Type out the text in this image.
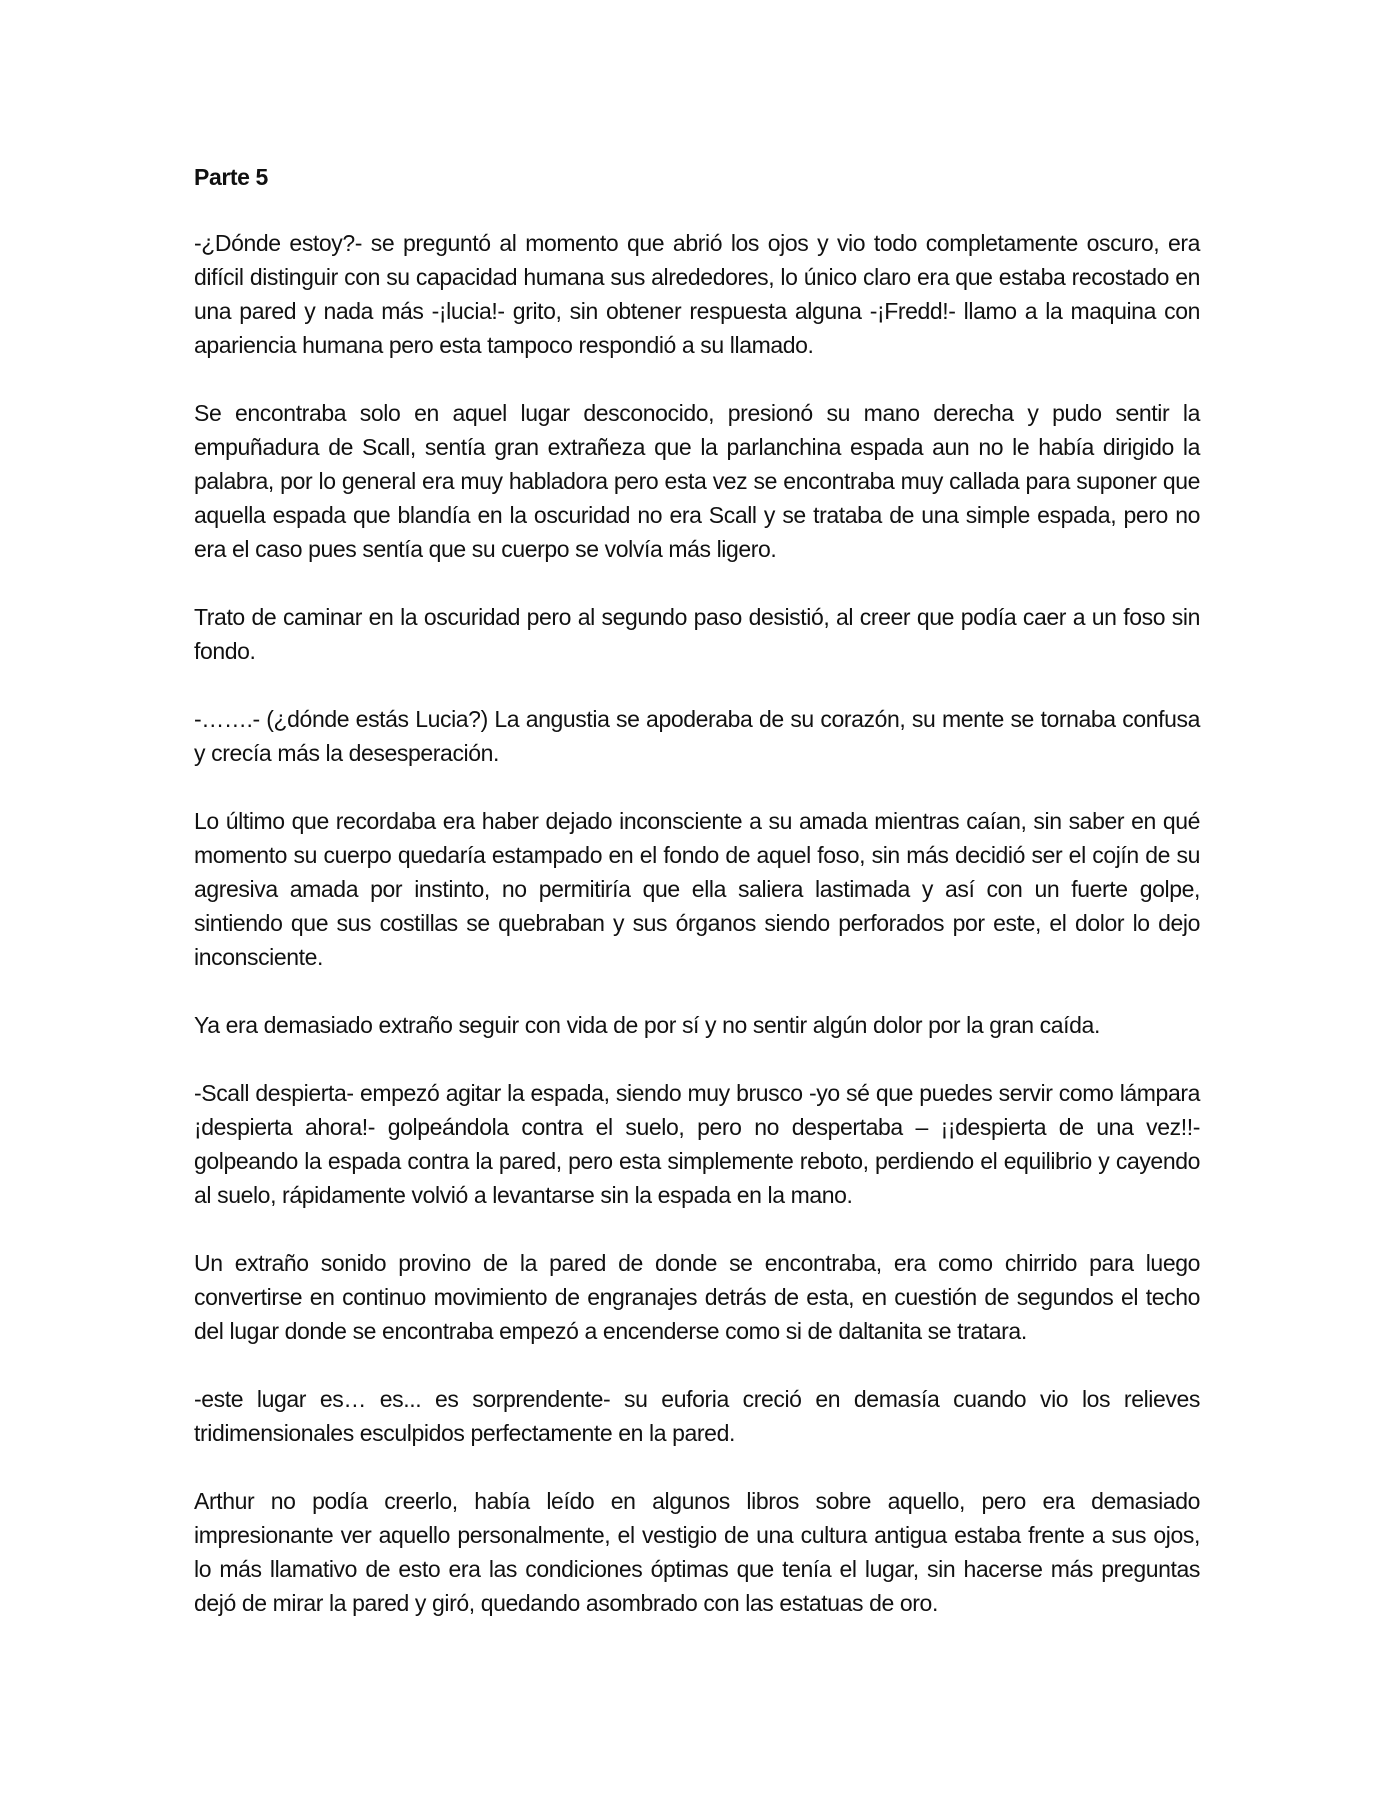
Parte 5

-¿Dónde estoy?- se preguntó al momento que abrió los ojos y vio todo completamente oscuro, era difícil distinguir con su capacidad humana sus alrededores, lo único claro era que estaba recostado en una pared y nada más -¡lucia!- grito, sin obtener respuesta alguna -¡Fredd!- llamo a la maquina con apariencia humana pero esta tampoco respondió a su llamado.

Se encontraba solo en aquel lugar desconocido, presionó su mano derecha y pudo sentir la empuñadura de Scall, sentía gran extrañeza que la parlanchina espada aun no le había dirigido la palabra, por lo general era muy habladora pero esta vez se encontraba muy callada para suponer que aquella espada que blandía en la oscuridad no era Scall y se trataba de una simple espada, pero no era el caso pues sentía que su cuerpo se volvía más ligero.

Trato de caminar en la oscuridad pero al segundo paso desistió, al creer que podía caer a un foso sin fondo.

-…….- (¿dónde estás Lucia?) La angustia se apoderaba de su corazón, su mente se tornaba confusa y crecía más la desesperación.

Lo último que recordaba era haber dejado inconsciente a su amada mientras caían, sin saber en qué momento su cuerpo quedaría estampado en el fondo de aquel foso, sin más decidió ser el cojín de su agresiva amada por instinto, no permitiría que ella saliera lastimada y así con un fuerte golpe, sintiendo que sus costillas se quebraban y sus órganos siendo perforados por este, el dolor lo dejo inconsciente.

Ya era demasiado extraño seguir con vida de por sí y no sentir algún dolor por la gran caída.

-Scall despierta- empezó agitar la espada, siendo muy brusco -yo sé que puedes servir como lámpara ¡despierta ahora!- golpeándola contra el suelo, pero no despertaba – ¡¡despierta de una vez!!- golpeando la espada contra la pared, pero esta simplemente reboto, perdiendo el equilibrio y cayendo al suelo, rápidamente volvió a levantarse sin la espada en la mano.

Un extraño sonido provino de la pared de donde se encontraba, era como chirrido para luego convertirse en continuo movimiento de engranajes detrás de esta, en cuestión de segundos el techo del lugar donde se encontraba empezó a encenderse como si de daltanita se tratara.

-este lugar es… es... es sorprendente- su euforia creció en demasía cuando vio los relieves tridimensionales esculpidos perfectamente en la pared.

Arthur no podía creerlo, había leído en algunos libros sobre aquello, pero era demasiado impresionante ver aquello personalmente, el vestigio de una cultura antigua estaba frente a sus ojos, lo más llamativo de esto era las condiciones óptimas que tenía el lugar, sin hacerse más preguntas dejó de mirar la pared y giró, quedando asombrado con las estatuas de oro.
